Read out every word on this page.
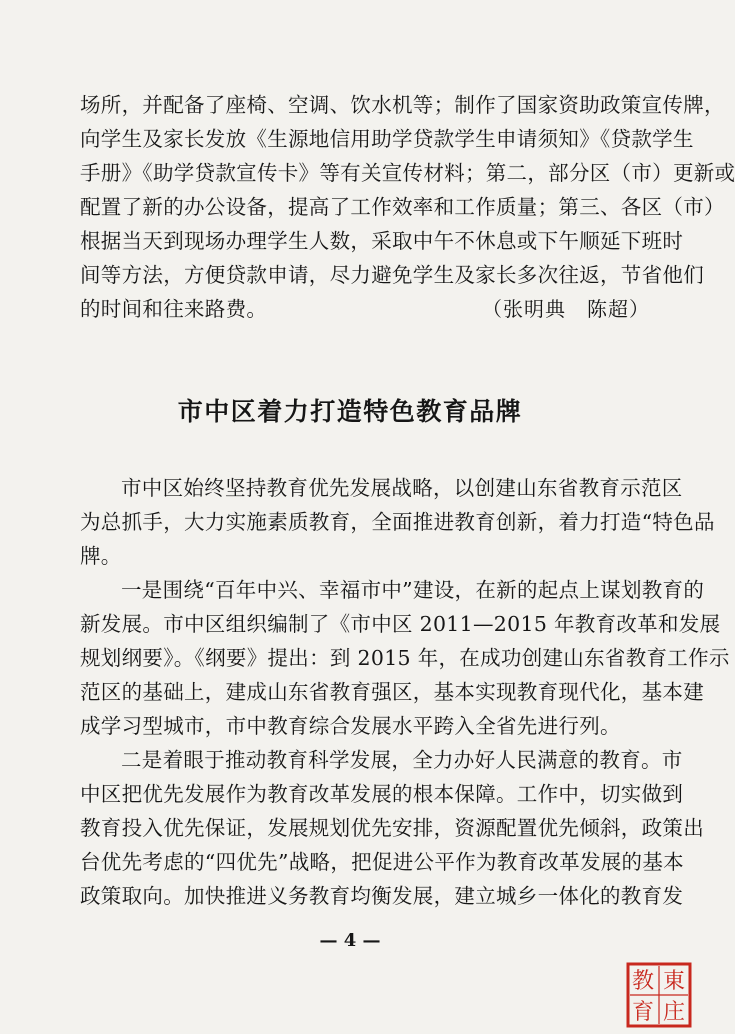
场所，并配备了座椅、空调、饮水机等；制作了国家资助政策宣传牌，
向学生及家长发放《生源地信用助学贷款学生申请须知》《贷款学生
手册》《助学贷款宣传卡》等有关宣传材料；第二，部分区（市）更新或
配置了新的办公设备，提高了工作效率和工作质量；第三、各区（市）
根据当天到现场办理学生人数，采取中午不休息或下午顺延下班时
间等方法，方便贷款申请，尽力避免学生及家长多次往返，节省他们
的时间和往来路费。	（张明典　陈超）
市中区着力打造特色教育品牌
市中区始终坚持教育优先发展战略，以创建山东省教育示范区
为总抓手，大力实施素质教育，全面推进教育创新，着力打造“特色品
牌。
一是围绕“百年中兴、幸福市中”建设，在新的起点上谋划教育的
新发展。市中区组织编制了《市中区 2011—2015 年教育改革和发展
规划纲要》。《纲要》提出：到 2015 年，在成功创建山东省教育工作示
范区的基础上，建成山东省教育强区，基本实现教育现代化，基本建
成学习型城市，市中教育综合发展水平跨入全省先进行列。
二是着眼于推动教育科学发展，全力办好人民满意的教育。市
中区把优先发展作为教育改革发展的根本保障。工作中，切实做到
教育投入优先保证，发展规划优先安排，资源配置优先倾斜，政策出
台优先考虑的“四优先”战略，把促进公平作为教育改革发展的基本
政策取向。加快推进义务教育均衡发展，建立城乡一体化的教育发
— 4 —
東
教
庄
育
